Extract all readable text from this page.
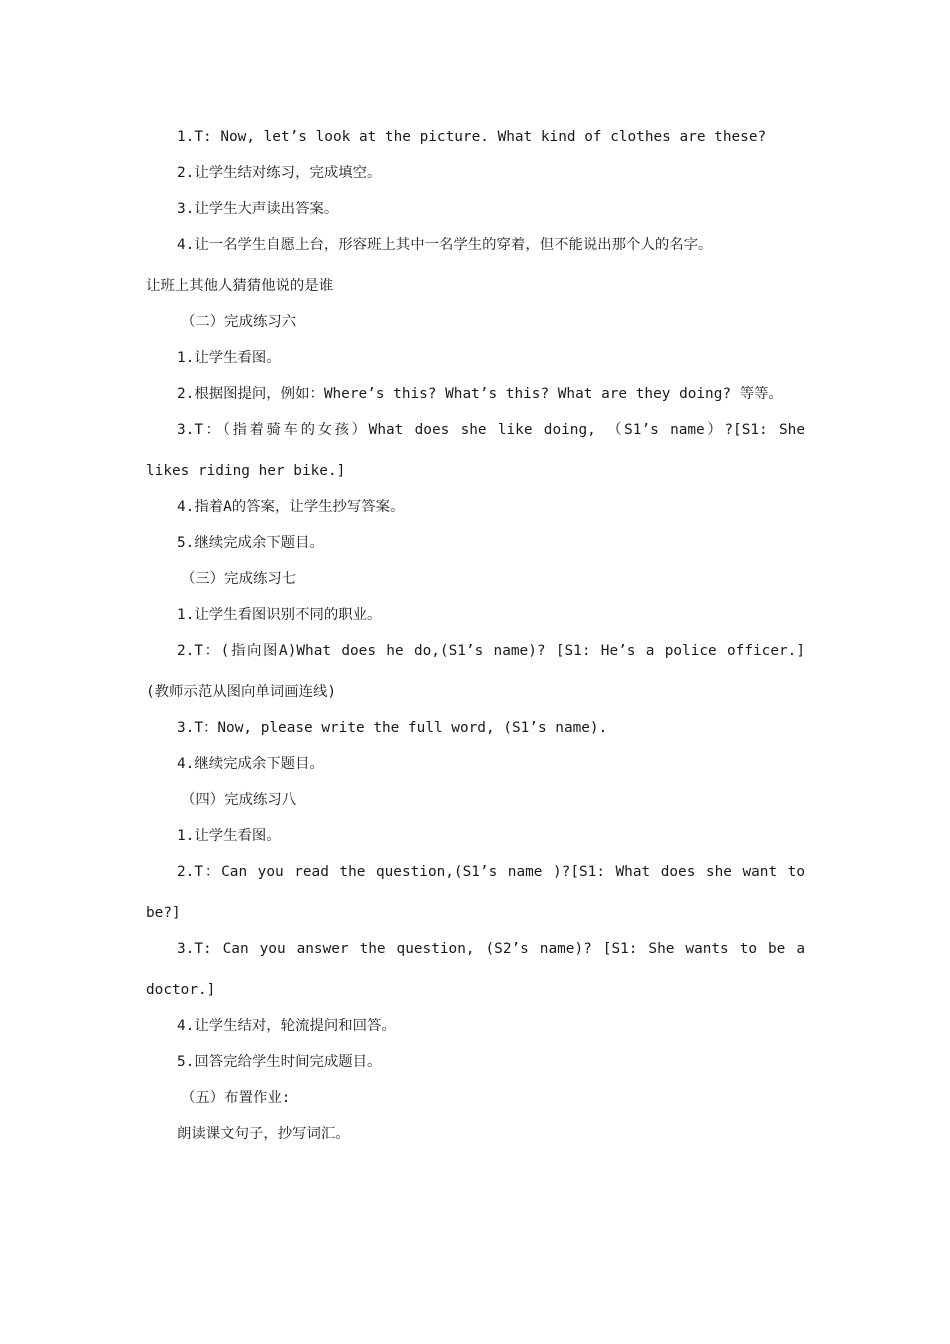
1.T: Now, let’s look at the picture. What kind of clothes are these?
2.让学生结对练习，完成填空。
3.让学生大声读出答案。
4.让一名学生自愿上台，形容班上其中一名学生的穿着，但不能说出那个人的名字。
让班上其他人猜猜他说的是谁
（二）完成练习六
1.让学生看图。
2.根据图提问，例如：Where’s this? What’s this? What are they doing? 等等。
3.T：（指着骑车的女孩）What does she like doing, （S1’s name）?[S1: She
likes riding her bike.]
4.指着A的答案，让学生抄写答案。
5.继续完成余下题目。
（三）完成练习七
1.让学生看图识别不同的职业。
2.T：(指向图A)What does he do,(S1’s name)? [S1: He’s a police officer.]
(教师示范从图向单词画连线)
3.T：Now, please write the full word, (S1’s name).
4.继续完成余下题目。
（四）完成练习八
1.让学生看图。
2.T：Can you read the question,(S1’s name )?[S1: What does she want to
be?]
3.T: Can you answer the question, (S2’s name)? [S1: She wants to be a
doctor.]
4.让学生结对，轮流提问和回答。
5.回答完给学生时间完成题目。
（五）布置作业:
朗读课文句子，抄写词汇。
